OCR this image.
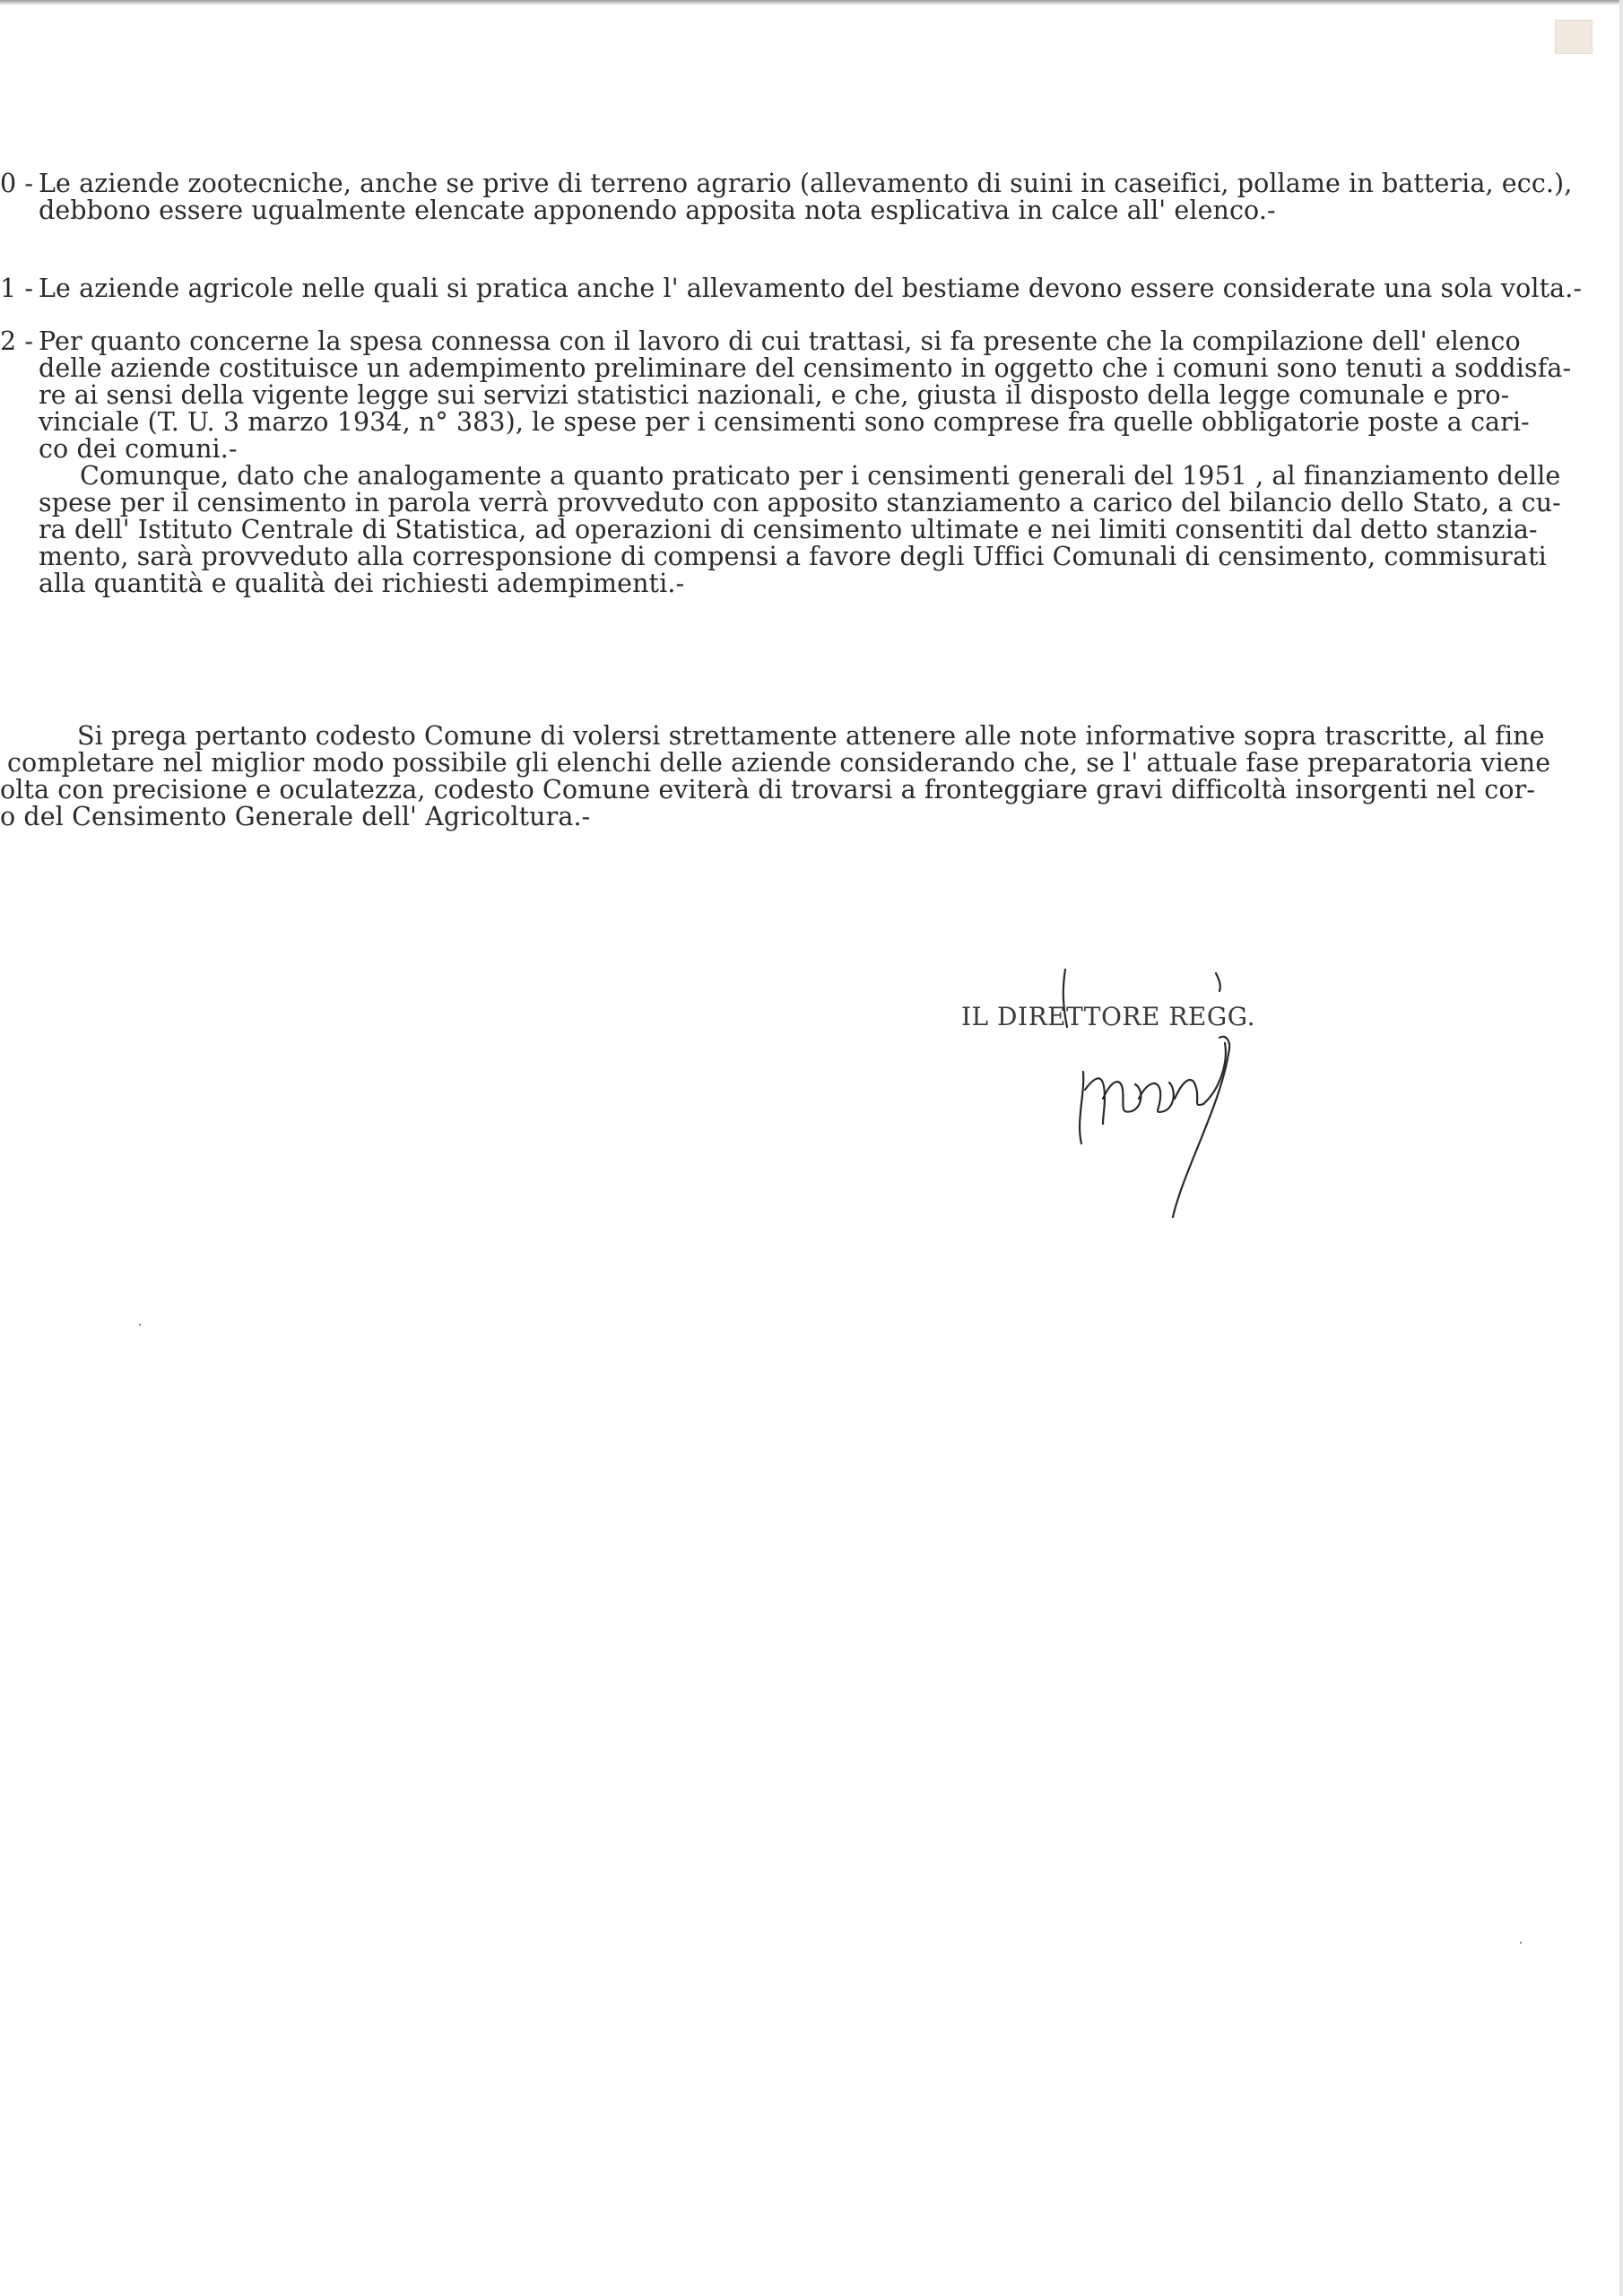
0 - Le aziende zootecniche, anche se prive di terreno agrario (allevamento di suini in caseifici, pollame in batteria, ecc.),
debbono essere ugualmente elencate apponendo apposita nota esplicativa in calce all' elenco.-
1 - Le aziende agricole nelle quali si pratica anche l' allevamento del bestiame devono essere considerate una sola volta.-
2 - Per quanto concerne la spesa connessa con il lavoro di cui trattasi, si fa presente che la compilazione dell' elenco
delle aziende costituisce un adempimento preliminare del censimento in oggetto che i comuni sono tenuti a soddisfa-
re ai sensi della vigente legge sui servizi statistici nazionali, e che, giusta il disposto della legge comunale e pro-
vinciale (T. U. 3 marzo 1934, n° 383), le spese per i censimenti sono comprese fra quelle obbligatorie poste a cari-
co dei comuni.-
Comunque, dato che analogamente a quanto praticato per i censimenti generali del 1951 , al finanziamento delle
spese per il censimento in parola verrà provveduto con apposito stanziamento a carico del bilancio dello Stato, a cu-
ra dell' Istituto Centrale di Statistica, ad operazioni di censimento ultimate e nei limiti consentiti dal detto stanzia-
mento, sarà provveduto alla corresponsione di compensi a favore degli Uffici Comunali di censimento, commisurati
alla quantità e qualità dei richiesti adempimenti.-
Si prega pertanto codesto Comune di volersi strettamente attenere alle note informative sopra trascritte, al fine
completare nel miglior modo possibile gli elenchi delle aziende considerando che, se l' attuale fase preparatoria viene
olta con precisione e oculatezza, codesto Comune eviterà di trovarsi a fronteggiare gravi difficoltà insorgenti nel cor-
o del Censimento Generale dell' Agricoltura.-
IL DIRETTORE REGG.
